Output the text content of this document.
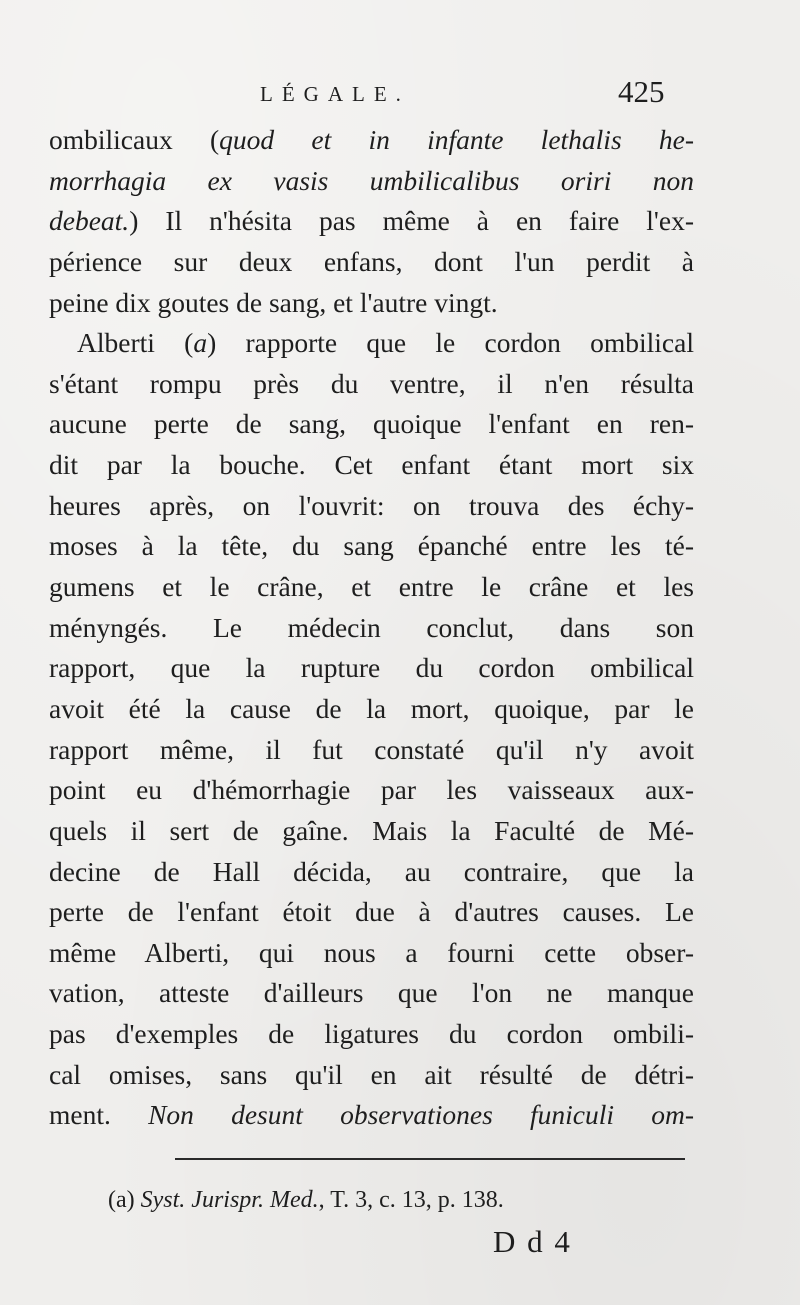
LÉGALE.	425
ombilicaux (quod et in infante lethalis he-
morrhagia ex vasis umbilicalibus oriri non
debeat.) Il n'hésita pas même à en faire l'ex-
périence sur deux enfans, dont l'un perdit à
peine dix goutes de sang, et l'autre vingt.
Alberti (a) rapporte que le cordon ombilical
s'étant rompu près du ventre, il n'en résulta
aucune perte de sang, quoique l'enfant en ren-
dit par la bouche. Cet enfant étant mort six
heures après, on l'ouvrit: on trouva des échy-
moses à la tête, du sang épanché entre les té-
gumens et le crâne, et entre le crâne et les
ményngés. Le médecin conclut, dans son
rapport, que la rupture du cordon ombilical
avoit été la cause de la mort, quoique, par le
rapport même, il fut constaté qu'il n'y avoit
point eu d'hémorrhagie par les vaisseaux aux-
quels il sert de gaîne. Mais la Faculté de Mé-
decine de Hall décida, au contraire, que la
perte de l'enfant étoit due à d'autres causes. Le
même Alberti, qui nous a fourni cette obser-
vation, atteste d'ailleurs que l'on ne manque
pas d'exemples de ligatures du cordon ombili-
cal omises, sans qu'il en ait résulté de détri-
ment. Non desunt observationes funiculi om-
(a) Syst. Jurispr. Med., T. 3, c. 13, p. 138.
D d 4
